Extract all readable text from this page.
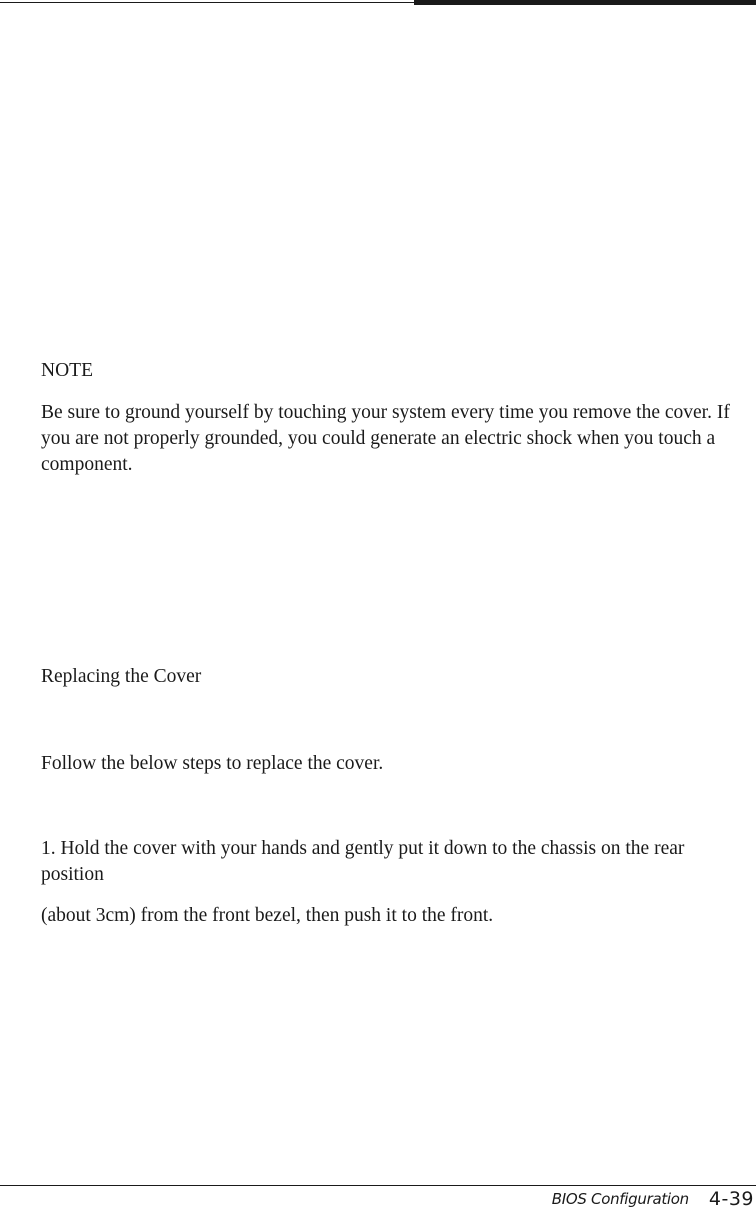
NOTE

Be sure to ground yourself by touching your system every time you remove the cover. If you are not properly grounded, you could generate an electric shock when you touch a component.

Replacing the Cover

Follow the below steps to replace the cover.

1. Hold the cover with your hands and gently put it down to the chassis on the rear position

(about 3cm) from the front bezel, then push it to the front.

BIOS Configuration 4-39
